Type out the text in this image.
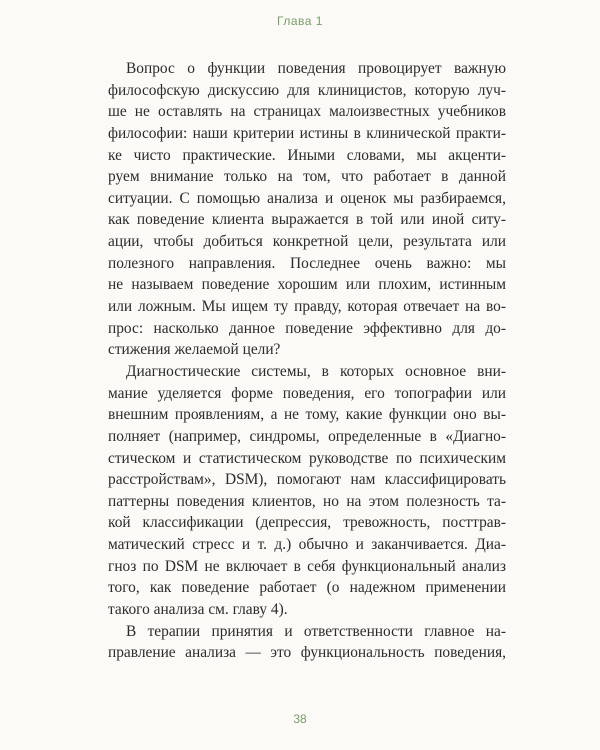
Глава 1
Вопрос о функции поведения провоцирует важную
философскую дискуссию для клиницистов, которую луч-
ше не оставлять на страницах малоизвестных учебников
философии: наши критерии истины в клинической практи-
ке чисто практические. Иными словами, мы акценти-
руем внимание только на том, что работает в данной
ситуации. С помощью анализа и оценок мы разбираемся,
как поведение клиента выражается в той или иной ситу-
ации, чтобы добиться конкретной цели, результата или
полезного направления. Последнее очень важно: мы
не называем поведение хорошим или плохим, истинным
или ложным. Мы ищем ту правду, которая отвечает на во-
прос: насколько данное поведение эффективно для до-
стижения желаемой цели?
Диагностические системы, в которых основное вни-
мание уделяется форме поведения, его топографии или
внешним проявлениям, а не тому, какие функции оно вы-
полняет (например, синдромы, определенные в «Диагно-
стическом и статистическом руководстве по психическим
расстройствам», DSM), помогают нам классифицировать
паттерны поведения клиентов, но на этом полезность та-
кой классификации (депрессия, тревожность, посттрав-
матический стресс и т. д.) обычно и заканчивается. Диа-
гноз по DSM не включает в себя функциональный анализ
того, как поведение работает (о надежном применении
такого анализа см. главу 4).
В терапии принятия и ответственности главное на-
правление анализа — это функциональность поведения,
38
